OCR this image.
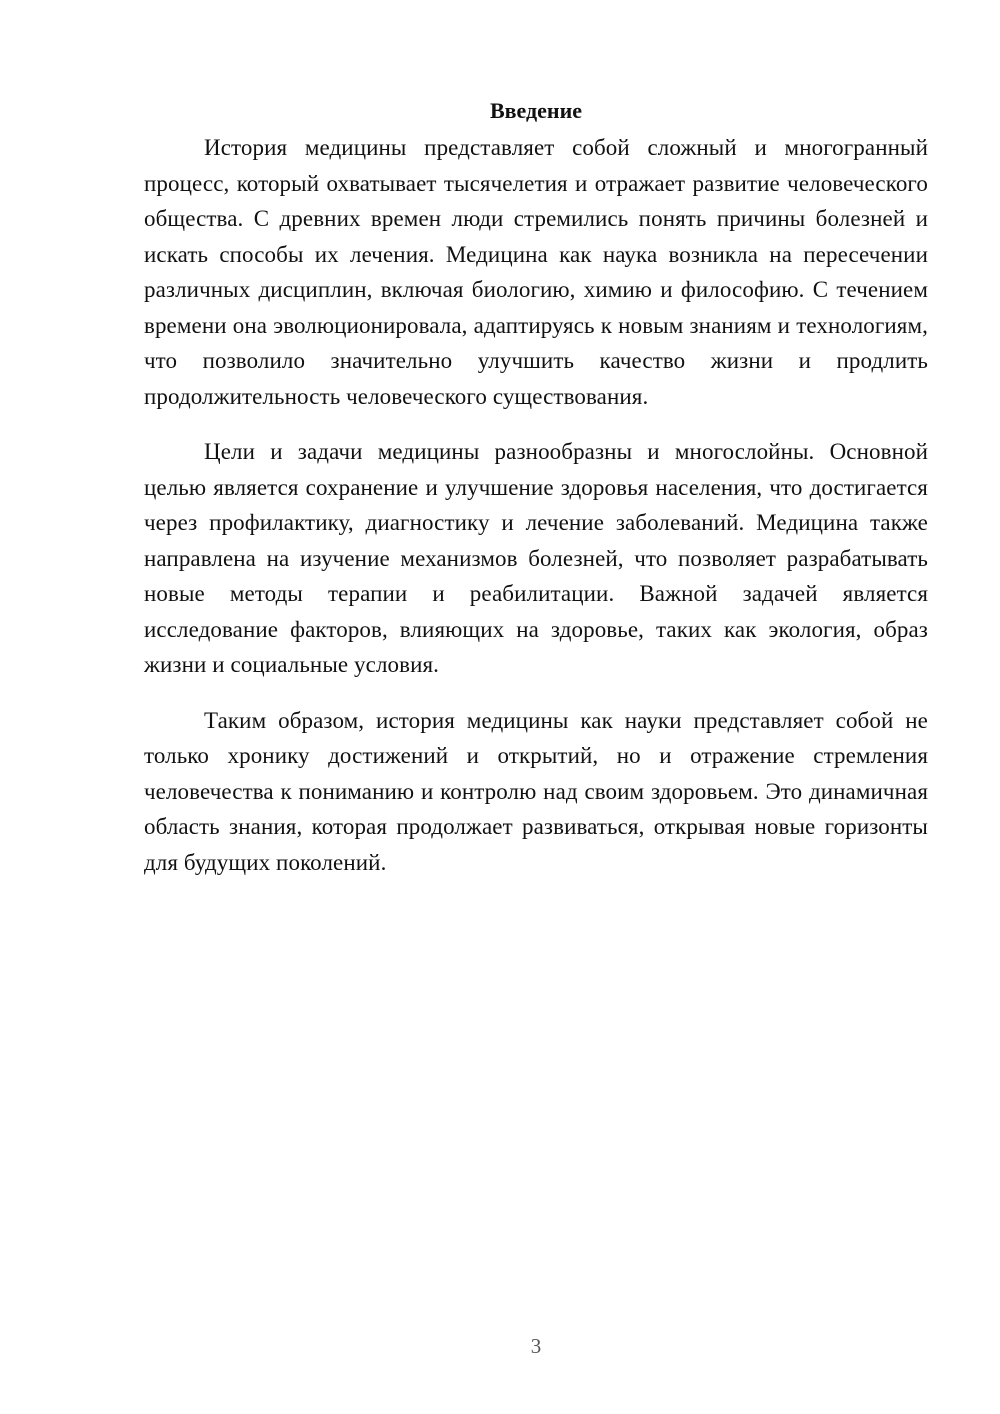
Введение

История медицины представляет собой сложный и многогранный процесс, который охватывает тысячелетия и отражает развитие человеческого общества. С древних времен люди стремились понять причины болезней и искать способы их лечения. Медицина как наука возникла на пересечении различных дисциплин, включая биологию, химию и философию. С течением времени она эволюционировала, адаптируясь к новым знаниям и технологиям, что позволило значительно улучшить качество жизни и продлить продолжительность человеческого существования.

Цели и задачи медицины разнообразны и многослойны. Основной целью является сохранение и улучшение здоровья населения, что достигается через профилактику, диагностику и лечение заболеваний. Медицина также направлена на изучение механизмов болезней, что позволяет разрабатывать новые методы терапии и реабилитации. Важной задачей является исследование факторов, влияющих на здоровье, таких как экология, образ жизни и социальные условия.

Таким образом, история медицины как науки представляет собой не только хронику достижений и открытий, но и отражение стремления человечества к пониманию и контролю над своим здоровьем. Это динамичная область знания, которая продолжает развиваться, открывая новые горизонты для будущих поколений.

3
